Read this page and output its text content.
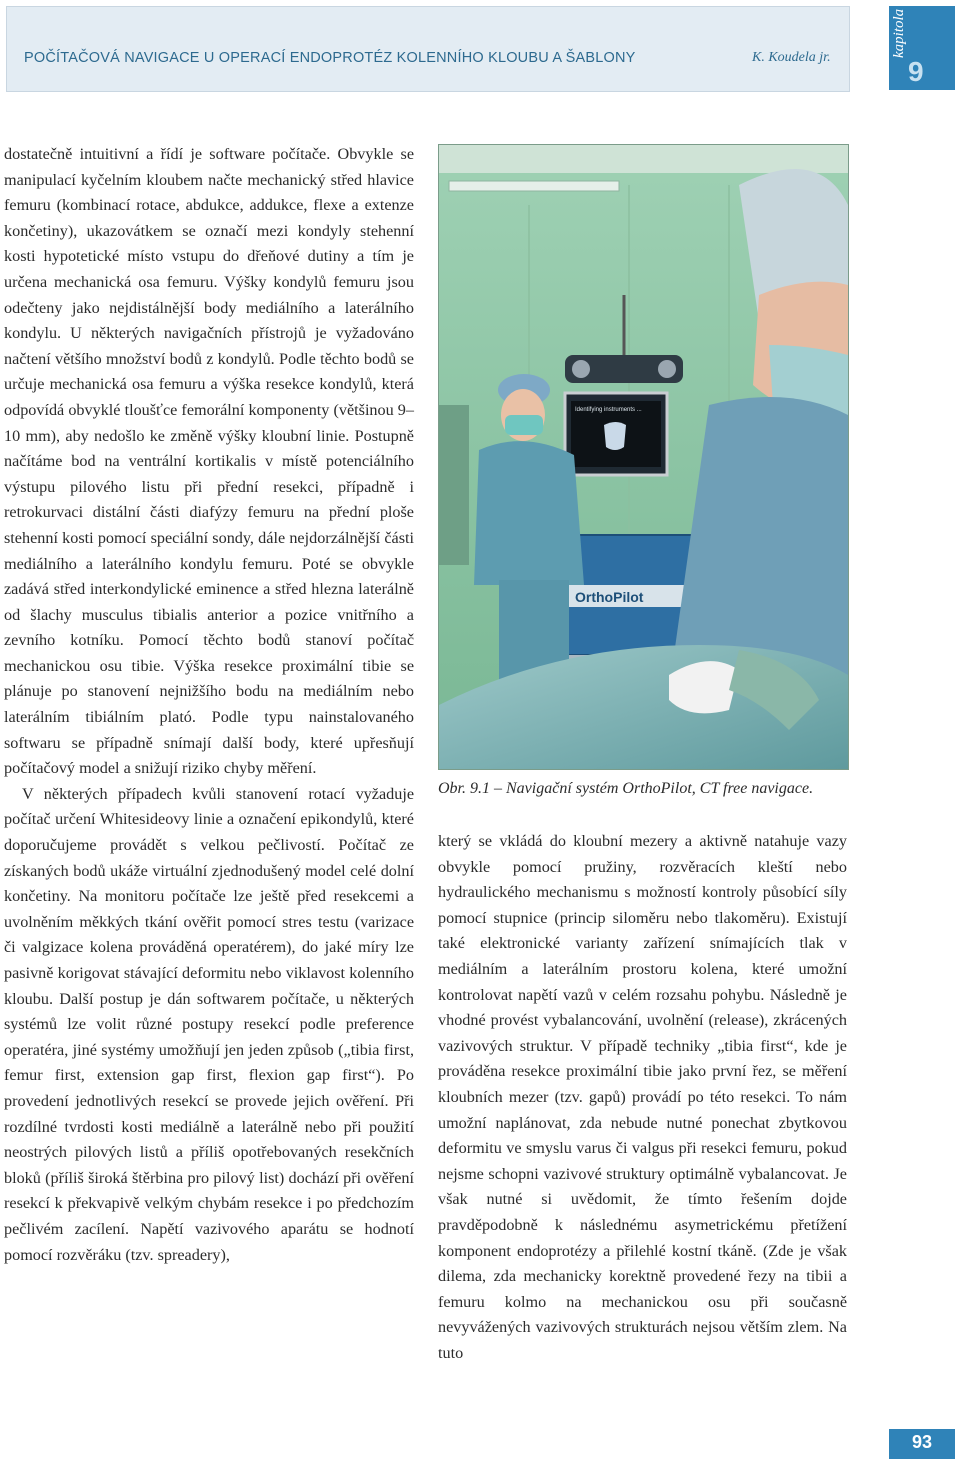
POČÍTAČOVÁ NAVIGACE U OPERACÍ ENDOPROTÉZ KOLENNÍHO KLOUBU A ŠABLONY	K. Koudela jr.	kapitola
9

dostatečně intuitivní a řídí je software počítače. Obvykle se manipulací kyčelním kloubem načte mechanický střed hlavice femuru (kombinací rotace, abdukce, addukce, flexe a extenze končetiny), ukazovátkem se označí mezi kondyly stehenní kosti hypotetické místo vstupu do dřeňové dutiny a tím je určena mechanická osa femuru. Výšky kondylů femuru jsou odečteny jako nejdistálnější body mediálního a laterálního kondylu. U některých navigačních přístrojů je vyžadováno načtení většího množství bodů z kondylů. Podle těchto bodů se určuje mechanická osa femuru a výška resekce kondylů, která odpovídá obvyklé tloušťce femorální komponenty (většinou 9–10 mm), aby nedošlo ke změně výšky kloubní linie. Postupně načítáme bod na ventrální kortikalis v místě potenciálního výstupu pilového listu při přední resekci, případně i retrokurvaci distální části diafýzy femuru na přední ploše stehenní kosti pomocí speciální sondy, dále nejdorzálnější části mediálního a laterálního kondylu femuru. Poté se obvykle zadává střed interkondylické eminence a střed hlezna laterálně od šlachy musculus tibialis anterior a pozice vnitřního a zevního kotníku. Pomocí těchto bodů stanoví počítač mechanickou osu tibie. Výška resekce proximální tibie se plánuje po stanovení nejnižšího bodu na mediálním nebo laterálním tibiálním plató. Podle typu nainstalovaného softwaru se případně snímají další body, které upřesňují počítačový model a snižují riziko chyby měření.

V některých případech kvůli stanovení rotací vyžaduje počítač určení Whitesideovy linie a označení epikondylů, které doporučujeme provádět s velkou pečlivostí. Počítač ze získaných bodů ukáže virtuální zjednodušený model celé dolní končetiny. Na monitoru počítače lze ještě před resekcemi a uvolněním měkkých tkání ověřit pomocí stres testu (varizace či valgizace kolena prováděná operatérem), do jaké míry lze pasivně korigovat stávající deformitu nebo viklavost kolenního kloubu. Další postup je dán softwarem počítače, u některých systémů lze volit různé postupy resekcí podle preference operatéra, jiné systémy umožňují jen jeden způsob („tibia first, femur first, extension gap first, flexion gap first“). Po provedení jednotlivých resekcí se provede jejich ověření. Při rozdílné tvrdosti kosti mediálně a laterálně nebo při použití neostrých pilových listů a příliš opotřebovaných resekčních bloků (příliš široká štěrbina pro pilový list) dochází při ověření resekcí k překvapivě velkým chybám resekce i po předchozím pečlivém zacílení. Napětí vazivového aparátu se hodnotí pomocí rozvěráku (tzv. spreadery),

Identifying instruments ...
OrthoPilot
Obr. 9.1 – Navigační systém OrthoPilot, CT free navigace.

který se vkládá do kloubní mezery a aktivně natahuje vazy obvykle pomocí pružiny, rozvěracích kleští nebo hydraulického mechanismu s možností kontroly působící síly pomocí stupnice (princip siloměru nebo tlakoměru). Existují také elektronické varianty zařízení snímajících tlak v mediálním a laterálním prostoru kolena, které umožní kontrolovat napětí vazů v celém rozsahu pohybu. Následně je vhodné provést vybalancování, uvolnění (release), zkrácených vazivových struktur. V případě techniky „tibia first“, kde je prováděna resekce proximální tibie jako první řez, se měření kloubních mezer (tzv. gapů) provádí po této resekci. To nám umožní naplánovat, zda nebude nutné ponechat zbytkovou deformitu ve smyslu varus či valgus při resekci femuru, pokud nejsme schopni vazivové struktury optimálně vybalancovat. Je však nutné si uvědomit, že tímto řešením dojde pravděpodobně k následnému asymetrickému přetížení komponent endoprotézy a přilehlé kostní tkáně. (Zde je však dilema, zda mechanicky korektně provedené řezy na tibii a femuru kolmo na mechanickou osu při současně nevyvážených vazivových strukturách nejsou větším zlem. Na tuto

93
